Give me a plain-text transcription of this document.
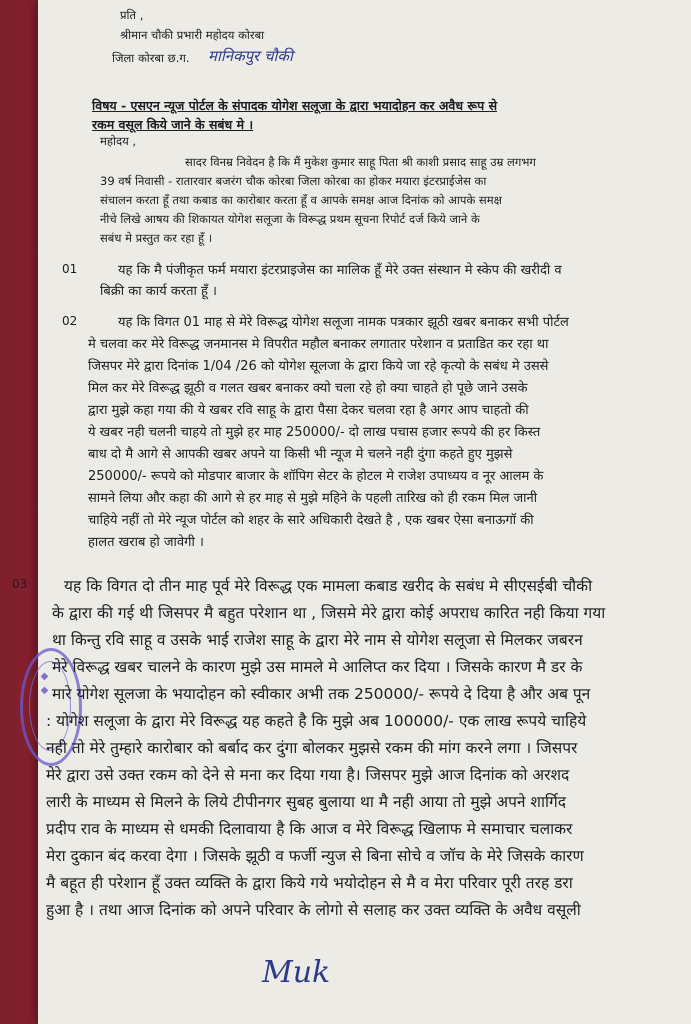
◆ ◆
प्रति ,
श्रीमान चौकी प्रभारी महोदय कोरबा
जिला कोरबा छ.ग. मानिकपुर चौकी
विषय - एसएन न्यूज पोर्टल के संपादक योगेश सलूजा के द्वारा भयादोहन कर अवैध रूप से
रकम वसूल किये जाने के सबंध मे ।
महोदय ,
सादर विनम्र निवेदन है कि मैं मुकेश कुमार साहू पिता श्री काशी प्रसाद साहू उम्र लगभग
39 वर्ष निवासी - रातारवार बजरंग चौक कोरबा जिला कोरबा का होकर मयारा इंटरप्राईजेस का
संचालन करता हूँ तथा कबाड का कारोबार करता हूँ व आपके समक्ष आज दिनांक को आपके समक्ष
नीचे लिखे आषय की शिकायत योगेश सलूजा के विरूद्ध प्रथम सूचना रिपोर्ट दर्ज किये जाने के
सबंध मे प्रस्तुत कर रहा हूँ ।
01	यह कि मै पंजीकृत फर्म मयारा इंटरप्राइजेस का मालिक हूँ मेरे उक्त संस्थान मे स्केप की खरीदी व
बिक्री का कार्य करता हूँ ।
02	यह कि विगत 01 माह से मेरे विरूद्ध योगेश सलूजा नामक पत्रकार झूठी खबर बनाकर सभी पोर्टल
मे चलवा कर मेरे विरूद्ध जनमानस मे विपरीत महौल बनाकर लगातार परेशान व प्रताडित कर रहा था
जिसपर मेरे द्वारा दिनांक 1/04 /26 को योगेश सूलजा के द्वारा किये जा रहे कृत्यो के सबंध मे उससे
मिल कर मेरे विरूद्ध झूठी व गलत खबर बनाकर क्यो चला रहे हो क्या चाहते हो पूछे जाने उसके
द्वारा मुझे कहा गया की ये खबर रवि साहू के द्वारा पैसा देकर चलवा रहा है अगर आप चाहतो की
ये खबर नही चलनी चाहये तो मुझे हर माह 250000/- दो लाख पचास हजार रूपये की हर किस्त
बाध दो मै आगे से आपकी खबर अपने या किसी भी न्यूज मे चलने नही दुंगा कहते हुए मुझसे
250000/- रूपये को मोडपार बाजार के शॉपिग सेटर के होटल मे राजेश उपाध्यय व नूर आलम के
सामने लिया और कहा की आगे से हर माह से मुझे महिने के पहली तारिख को ही रकम मिल जानी
चाहिये नहीं तो मेरे न्यूज पोर्टल को शहर के सारे अधिकारी देखते है , एक खबर ऐसा बनाऊगॉ की
हालत खराब हो जावेगी ।
03 यह कि विगत दो तीन माह पूर्व मेरे विरूद्ध एक मामला कबाड खरीद के सबंध मे सीएसईबी चौकी
के द्वारा की गई थी जिसपर मै बहुत परेशान था , जिसमे मेरे द्वारा कोई अपराध कारित नही किया गया
था किन्तु रवि साहू व उसके भाई राजेश साहू के द्वारा मेरे नाम से योगेश सलूजा से मिलकर जबरन
मेरे विरूद्ध खबर चालने के कारण मुझे उस मामले मे आलिप्त कर दिया । जिसके कारण मै डर के
मारे योगेश सूलजा के भयादोहन को स्वीकार अभी तक 250000/- रूपये दे दिया है और अब पून
: योगेश सलूजा के द्वारा मेरे विरूद्ध यह कहते है कि मुझे अब 100000/- एक लाख रूपये चाहिये
नही तो मेरे तुम्हारे कारोबार को बर्बाद कर दुंगा बोलकर मुझसे रकम की मांग करने लगा । जिसपर
मेरे द्वारा उसे उक्त रकम को देने से मना कर दिया गया है। जिसपर मुझे आज दिनांक को अरशद
लारी के माध्यम से मिलने के लिये टीपीनगर सुबह बुलाया था मै नही आया तो मुझे अपने शार्गिद
प्रदीप राव के माध्यम से धमकी दिलावाया है कि आज व मेरे विरूद्ध खिलाफ मे समाचार चलाकर
मेरा दुकान बंद करवा देगा । जिसके झूठी व फर्जी न्युज से बिना सोचे व जॉच के मेरे जिसके कारण
मै बहूत ही परेशान हूँ उक्त व्यक्ति के द्वारा किये गये भयोदोहन से मै व मेरा परिवार पूरी तरह डरा
हुआ है । तथा आज दिनांक को अपने परिवार के लोगो से सलाह कर उक्त व्यक्ति के अवैध वसूली
Muk
